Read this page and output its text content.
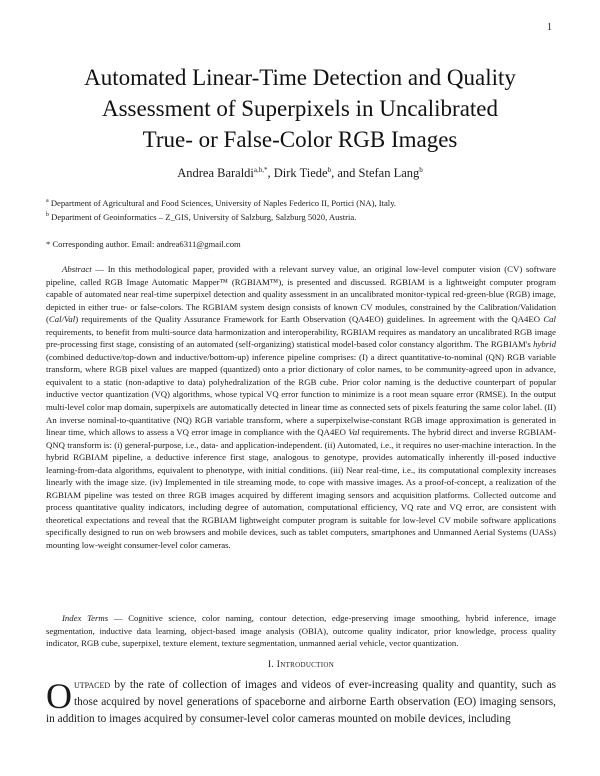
1
Automated Linear-Time Detection and Quality
Assessment of Superpixels in Uncalibrated
True- or False-Color RGB Images
Andrea Baraldi$^{a,b,*}$, Dirk Tiede$^b$, and Stefan Lang$^b$
$^a$ Department of Agricultural and Food Sciences, University of Naples Federico II, Portici (NA), Italy.
$^b$ Department of Geoinformatics – Z_GIS, University of Salzburg, Salzburg 5020, Austria.
* Corresponding author. Email: andrea6311@gmail.com

Abstract — In this methodological paper, provided with a relevant survey value, an original low-level computer vision (CV) software pipeline, called RGB Image Automatic Mapper™ (RGBIAM™), is presented and discussed. RGBIAM is a lightweight computer program capable of automated near real-time superpixel detection and quality assessment in an uncalibrated monitor-typical red-green-blue (RGB) image, depicted in either true- or false-colors. The RGBIAM system design consists of known CV modules, constrained by the Calibration/Validation (Cal/Val) requirements of the Quality Assurance Framework for Earth Observation (QA4EO) guidelines. In agreement with the QA4EO Cal requirements, to benefit from multi-source data harmonization and interoperability, RGBIAM requires as mandatory an uncalibrated RGB image pre-processing first stage, consisting of an automated (self-organizing) statistical model-based color constancy algorithm. The RGBIAM's hybrid (combined deductive/top-down and inductive/bottom-up) inference pipeline comprises: (I) a direct quantitative-to-nominal (QN) RGB variable transform, where RGB pixel values are mapped (quantized) onto a prior dictionary of color names, to be community-agreed upon in advance, equivalent to a static (non-adaptive to data) polyhedralization of the RGB cube. Prior color naming is the deductive counterpart of popular inductive vector quantization (VQ) algorithms, whose typical VQ error function to minimize is a root mean square error (RMSE). In the output multi-level color map domain, superpixels are automatically detected in linear time as connected sets of pixels featuring the same color label. (II) An inverse nominal-to-quantitative (NQ) RGB variable transform, where a superpixelwise-constant RGB image approximation is generated in linear time, which allows to assess a VQ error image in compliance with the QA4EO Val requirements. The hybrid direct and inverse RGBIAM-QNQ transform is: (i) general-purpose, i.e., data- and application-independent. (ii) Automated, i.e., it requires no user-machine interaction. In the hybrid RGBIAM pipeline, a deductive inference first stage, analogous to genotype, provides automatically inherently ill-posed inductive learning-from-data algorithms, equivalent to phenotype, with initial conditions. (iii) Near real-time, i.e., its computational complexity increases linearly with the image size. (iv) Implemented in tile streaming mode, to cope with massive images. As a proof-of-concept, a realization of the RGBIAM pipeline was tested on three RGB images acquired by different imaging sensors and acquisition platforms. Collected outcome and process quantitative quality indicators, including degree of automation, computational efficiency, VQ rate and VQ error, are consistent with theoretical expectations and reveal that the RGBIAM lightweight computer program is suitable for low-level CV mobile software applications specifically designed to run on web browsers and mobile devices, such as tablet computers, smartphones and Unmanned Aerial Systems (UASs) mounting low-weight consumer-level color cameras.

Index Terms — Cognitive science, color naming, contour detection, edge-preserving image smoothing, hybrid inference, image segmentation, inductive data learning, object-based image analysis (OBIA), outcome quality indicator, prior knowledge, process quality indicator, RGB cube, superpixel, texture element, texture segmentation, unmanned aerial vehicle, vector quantization.

I. Introduction

Outpaced by the rate of collection of images and videos of ever-increasing quality and quantity, such as those acquired by novel generations of spaceborne and airborne Earth observation (EO) imaging sensors, in addition to images acquired by consumer-level color cameras mounted on mobile devices, including
